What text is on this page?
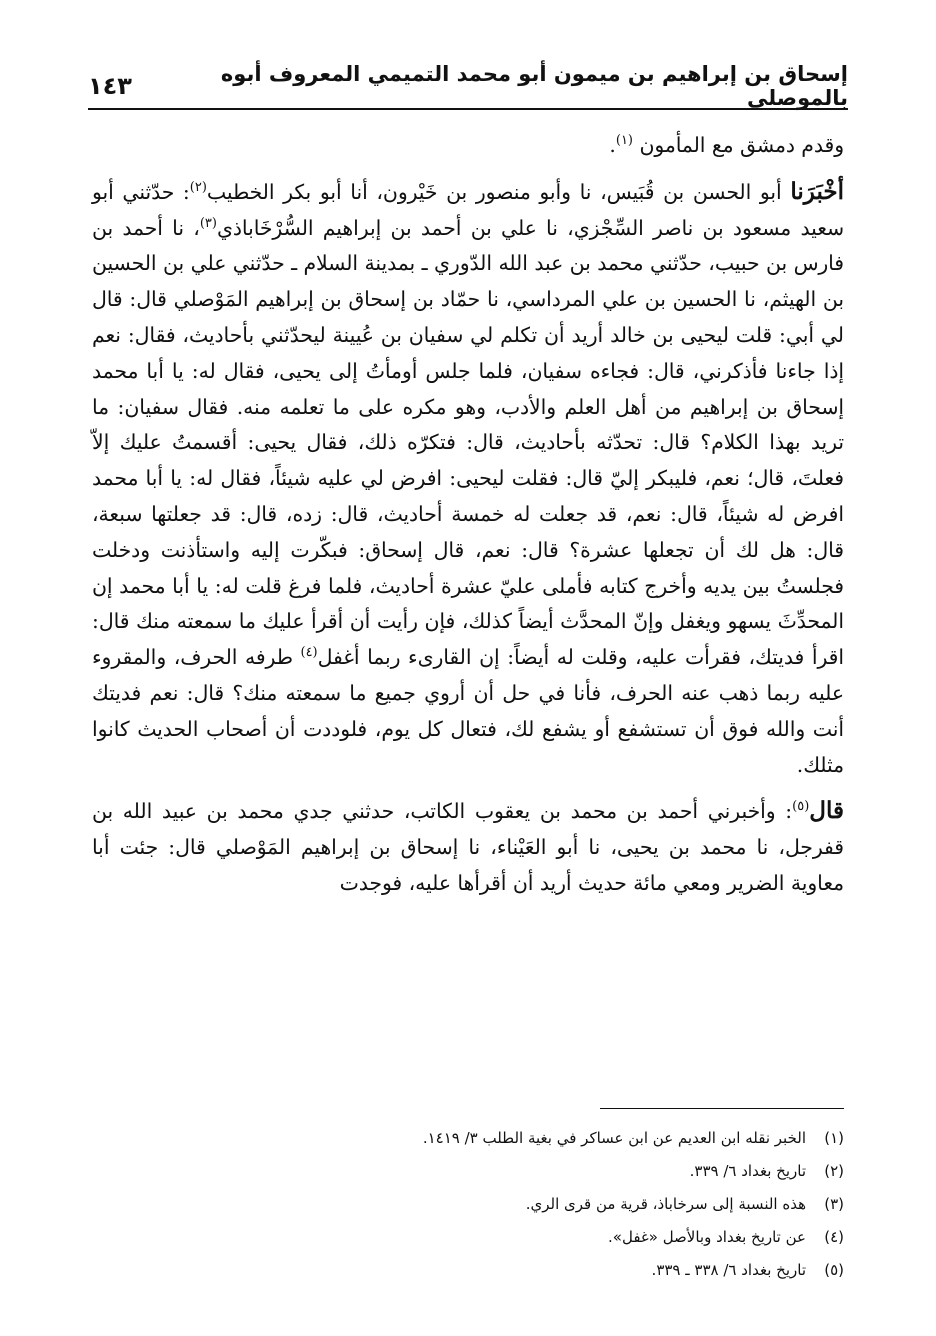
إسحاق بن إبراهيم بن ميمون أبو محمد التميمي المعروف أبوه بالموصلي
١٤٣

وقدم دمشق مع المأمون $^{(١)}$.

أخْبَرَنا أبو الحسن بن قُبَيس، نا وأبو منصور بن خَيْرون، أنا أبو بكر الخطيب$^{(٢)}$: حدّثني أبو سعيد مسعود بن ناصر السِّجْزي، نا علي بن أحمد بن إبراهيم السُّرْخَاباذي$^{(٣)}$، نا أحمد بن فارس بن حبيب، حدّثني محمد بن عبد الله الدّوري ـ بمدينة السلام ـ حدّثني علي بن الحسين بن الهيثم، نا الحسين بن علي المرداسي، نا حمّاد بن إسحاق بن إبراهيم المَوْصلي قال: قال لي أبي: قلت ليحيى بن خالد أريد أن تكلم لي سفيان بن عُيينة ليحدّثني بأحاديث، فقال: نعم إذا جاءنا فأذكرني، قال: فجاءه سفيان، فلما جلس أومأتُ إلى يحيى، فقال له: يا أبا محمد إسحاق بن إبراهيم من أهل العلم والأدب، وهو مكره على ما تعلمه منه. فقال سفيان: ما تريد بهذا الكلام؟ قال: تحدّثه بأحاديث، قال: فتكرّه ذلك، فقال يحيى: أقسمتُ عليك إلاّ فعلتَ، قال؛ نعم، فليبكر إليّ قال: فقلت ليحيى: افرض لي عليه شيئاً، فقال له: يا أبا محمد افرض له شيئاً، قال: نعم، قد جعلت له خمسة أحاديث، قال: زده، قال: قد جعلتها سبعة، قال: هل لك أن تجعلها عشرة؟ قال: نعم، قال إسحاق: فبكّرت إليه واستأذنت ودخلت فجلستُ بين يديه وأخرج كتابه فأملى عليّ عشرة أحاديث، فلما فرغ قلت له: يا أبا محمد إن المحدِّثَ يسهو ويغفل وإنّ المحدَّث أيضاً كذلك، فإن رأيت أن أقرأ عليك ما سمعته منك قال: اقرأ فديتك، فقرأت عليه، وقلت له أيضاً: إن القارىء ربما أغفل$^{(٤)}$ طرفه الحرف، والمقروء عليه ربما ذهب عنه الحرف، فأنا في حل أن أروي جميع ما سمعته منك؟ قال: نعم فديتك أنت والله فوق أن تستشفع أو يشفع لك، فتعال كل يوم، فلوددت أن أصحاب الحديث كانوا مثلك.

قال$^{(٥)}$: وأخبرني أحمد بن محمد بن يعقوب الكاتب، حدثني جدي محمد بن عبيد الله بن قفرجل، نا محمد بن يحيى، نا أبو العَيْناء، نا إسحاق بن إبراهيم المَوْصلي قال: جئت أبا معاوية الضرير ومعي مائة حديث أريد أن أقرأها عليه، فوجدت

(١)الخبر نقله ابن العديم عن ابن عساكر في بغية الطلب ٣/ ١٤١٩.
(٢)تاريخ بغداد ٦/ ٣٣٩.
(٣)هذه النسبة إلى سرخاباذ، قرية من قرى الري.
(٤)عن تاريخ بغداد وبالأصل «غفل».
(٥)تاريخ بغداد ٦/ ٣٣٨ ـ ٣٣٩.
